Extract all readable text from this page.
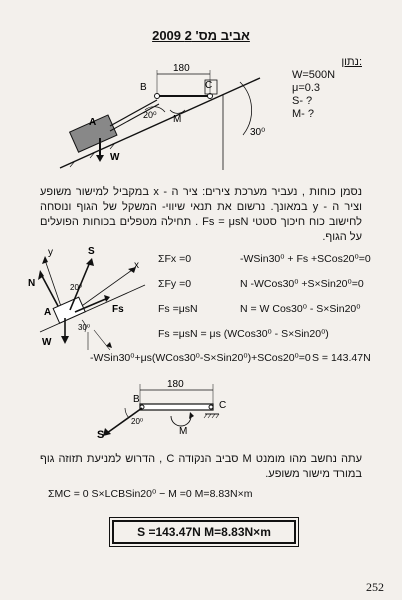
2009 אביב מס' 2
30⁰
A
W
B	C
180
20⁰ M
נתון:
W=500N
μ=0.3
S- ?
M- ?
נסמן כוחות , נעביר מערכת צירים: ציר ה - x במקביל למישור משופע וציר ה - y במאונך. נרשום את תנאי שיווי- המשקל של הגוף ונוסחה לחישוב כוח חיכוך סטטי Fs = μsN . תחילה מטפלים בכוחות הפועלים על הגוף.
y
x
A
S
N
Fs
W
20⁰
30⁰
ΣFx =0	-WSin30⁰ + Fs +SCos20⁰=0
ΣFy =0	N -WCos30⁰ +S×Sin20⁰=0
Fs =μsN	N = W Cos30⁰ - S×Sin20⁰
Fs =μsN = μs (WCos30⁰ - S×Sin20⁰)
-WSin30⁰+μs(WCos30⁰-S×Sin20⁰)+SCos20⁰=0 S = 143.47N
180
B
C
S
20⁰
M
עתה נחשב מהו מומנט M סביב הנקודה C , הדרוש למניעת תזוזה גוף במורד מישור משופע.
ΣMC = 0 S×LCBSin20⁰ − M =0 M=8.83N×m
S =143.47N M=8.83N×m
252
